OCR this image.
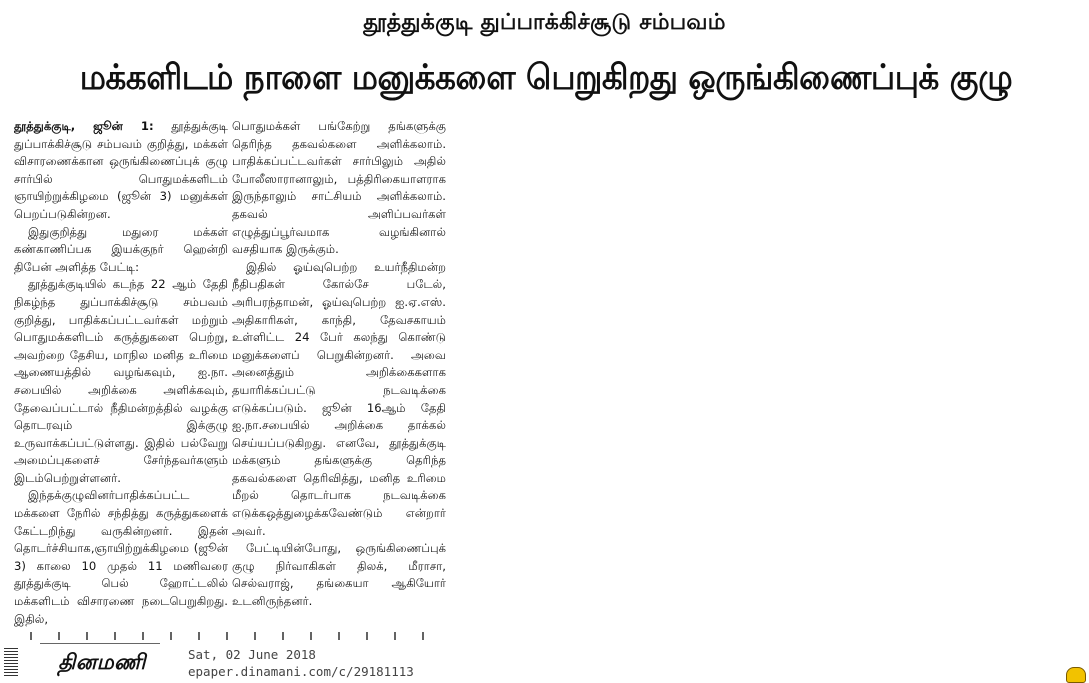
தூத்துக்குடி துப்பாக்கிச்சூடு சம்பவம்
மக்களிடம் நாளை மனுக்களை பெறுகிறது ஒருங்கிணைப்புக் குழு

தூத்துக்குடி, ஜூன் 1: தூத்துக்குடி துப்பாக்கிச்சூடு சம்பவம் குறித்து, மக்கள் விசாரணைக்கான ஒருங்கிணைப்புக் குழு சார்பில் பொதுமக்களிடம் ஞாயிற்றுக்கிழமை (ஜூன் 3) மனுக்கள் பெறப்படுகின்றன.

இதுகுறித்து மதுரை மக்கள் கண்காணிப்பக இயக்குநர் ஹென்றி திபேன் அளித்த பேட்டி:

தூத்துக்குடியில் கடந்த 22 ஆம் தேதி நிகழ்ந்த துப்பாக்கிச்சூடு சம்பவம் குறித்து, பாதிக்கப்பட்டவர்கள் மற்றும் பொதுமக்களிடம் கருத்துகளை பெற்று, அவற்றை தேசிய, மாநில மனித உரிமை ஆணையத்தில் வழங்கவும், ஐ.நா. சபையில் அறிக்கை அளிக்கவும், தேவைப்பட்டால் நீதிமன்றத்தில் வழக்கு தொடரவும் இக்குழு உருவாக்கப்பட்டுள்ளது. இதில் பல்வேறு அமைப்புகளைச் சேர்ந்தவர்களும் இடம்பெற்றுள்ளனர்.

இந்தக்குழுவினர்பாதிக்கப்பட்ட மக்களை நேரில் சந்தித்து கருத்துகளைக் கேட்டறிந்து வருகின்றனர். இதன் தொடர்ச்சியாக,ஞாயிற்றுக்கிழமை (ஜூன் 3) காலை 10 முதல் 11 மணிவரை தூத்துக்குடி பெல் ஹோட்டலில் மக்களிடம் விசாரணை நடைபெறுகிறது. இதில்,

பொதுமக்கள் பங்கேற்று தங்களுக்கு தெரிந்த தகவல்களை அளிக்கலாம். பாதிக்கப்பட்டவர்கள் சார்பிலும் அதில் போலீஸாரானாலும், பத்திரிகையாளராக இருந்தாலும் சாட்சியம் அளிக்கலாம். தகவல் அளிப்பவர்கள் எழுத்துப்பூர்வமாக வழங்கினால் வசதியாக இருக்கும்.

இதில் ஓய்வுபெற்ற உயர்நீதிமன்ற நீதிபதிகள் கோல்சே படேல், அரிபரந்தாமன், ஓய்வுபெற்ற ஐ.ஏ.எஸ். அதிகாரிகள், காந்தி, தேவசகாயம் உள்ளிட்ட 24 பேர் கலந்து கொண்டு மனுக்களைப் பெறுகின்றனர். அவை அனைத்தும் அறிக்கைகளாக தயாரிக்கப்பட்டு நடவடிக்கை எடுக்கப்படும். ஜூன் 16ஆம் தேதி ஐ.நா.சபையில் அறிக்கை தாக்கல் செய்யப்படுகிறது. எனவே, தூத்துக்குடி மக்களும் தங்களுக்கு தெரிந்த தகவல்களை தெரிவித்து, மனித உரிமை மீறல் தொடர்பாக நடவடிக்கை எடுக்கஒத்துழைக்கவேண்டும் என்றார் அவர்.

பேட்டியின்போது, ஒருங்கிணைப்புக் குழு நிர்வாகிகள் திலக், மீராசா, செல்வராஜ், தங்கையா ஆகியோர் உடனிருந்தனர்.

தினமணி	Sat, 02 June 2018
epaper.dinamani.com/c/29181113
